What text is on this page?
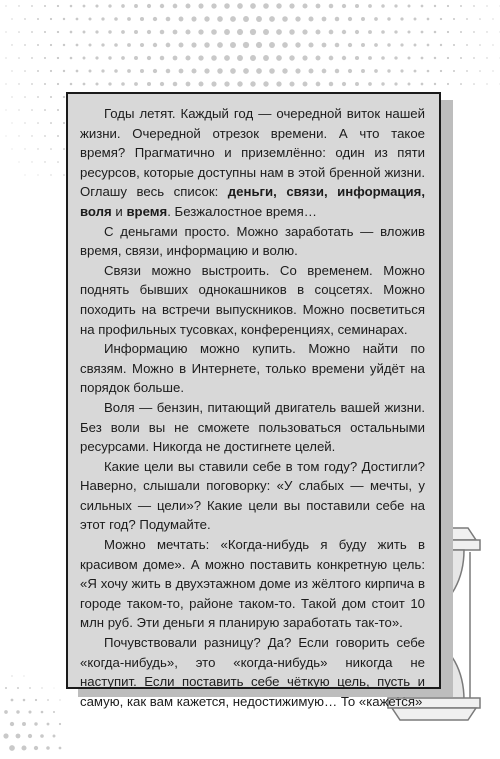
Годы летят. Каждый год — очередной виток нашей жизни. Очередной отрезок времени. А что такое время? Прагматично и приземлённо: один из пяти ресурсов, которые доступны нам в этой бренной жизни. Оглашу весь список: деньги, связи, информация, воля и время. Безжалостное время…

С деньгами просто. Можно заработать — вложив время, связи, информацию и волю.

Связи можно выстроить. Со временем. Можно поднять бывших однокашников в соцсетях. Можно походить на встречи выпускников. Можно посветиться на профильных тусовках, конференциях, семинарах.

Информацию можно купить. Можно найти по связям. Можно в Интернете, только времени уйдёт на порядок больше.

Воля — бензин, питающий двигатель вашей жизни. Без воли вы не сможете пользоваться остальными ресурсами. Никогда не достигнете целей.

Какие цели вы ставили себе в том году? Достигли? Наверно, слышали поговорку: «У слабых — мечты, у сильных — цели»? Какие цели вы поставили себе на этот год? Подумайте.

Можно мечтать: «Когда-нибудь я буду жить в красивом доме». А можно поставить конкретную цель: «Я хочу жить в двухэтажном доме из жёлтого кирпича в городе таком-то, районе таком-то. Такой дом стоит 10 млн руб. Эти деньги я планирую заработать так-то».

Почувствовали разницу? Да? Если говорить себе «когда-нибудь», это «когда-нибудь» никогда не наступит. Если поставить себе чёткую цель, пусть и самую, как вам кажется, недостижимую… То «кажется»
